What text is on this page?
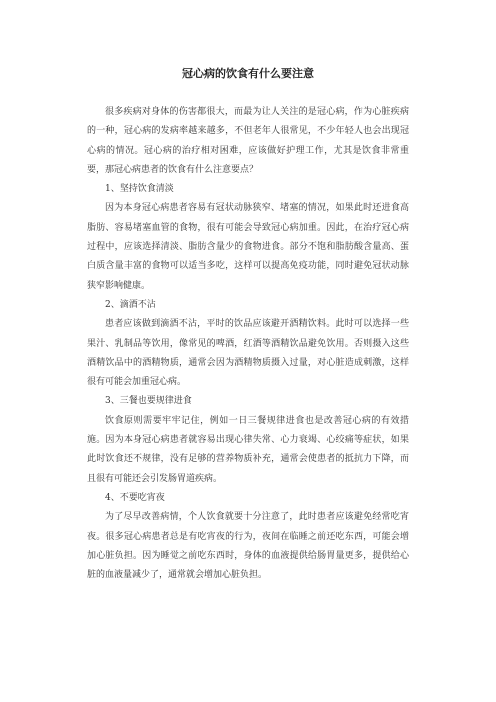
冠心病的饮食有什么要注意

很多疾病对身体的伤害都很大，而最为让人关注的是冠心病，作为心脏疾病的一种，冠心病的发病率越来越多，不但老年人很常见，不少年轻人也会出现冠心病的情况。冠心病的治疗相对困难，应该做好护理工作，尤其是饮食非常重要，那冠心病患者的饮食有什么注意要点？

1、坚持饮食清淡

因为本身冠心病患者容易有冠状动脉狭窄、堵塞的情况，如果此时还进食高脂肪、容易堵塞血管的食物，很有可能会导致冠心病加重。因此，在治疗冠心病过程中，应该选择清淡、脂肪含量少的食物进食。部分不饱和脂肪酸含量高、蛋白质含量丰富的食物可以适当多吃，这样可以提高免疫功能，同时避免冠状动脉狭窄影响健康。

2、滴酒不沾

患者应该做到滴酒不沾，平时的饮品应该避开酒精饮料。此时可以选择一些果汁、乳制品等饮用，像常见的啤酒，红酒等酒精饮品避免饮用。否则摄入这些酒精饮品中的酒精物质，通常会因为酒精物质摄入过量，对心脏造成刺激，这样很有可能会加重冠心病。

3、三餐也要规律进食

饮食原则需要牢牢记住，例如一日三餐规律进食也是改善冠心病的有效措施。因为本身冠心病患者就容易出现心律失常、心力衰竭、心绞痛等症状，如果此时饮食还不规律，没有足够的营养物质补充，通常会使患者的抵抗力下降，而且很有可能还会引发肠胃道疾病。

4、不要吃宵夜

为了尽早改善病情，个人饮食就要十分注意了，此时患者应该避免经常吃宵夜。很多冠心病患者总是有吃宵夜的行为，夜间在临睡之前还吃东西，可能会增加心脏负担。因为睡觉之前吃东西时，身体的血液提供给肠胃量更多，提供给心脏的血液量减少了，通常就会增加心脏负担。
